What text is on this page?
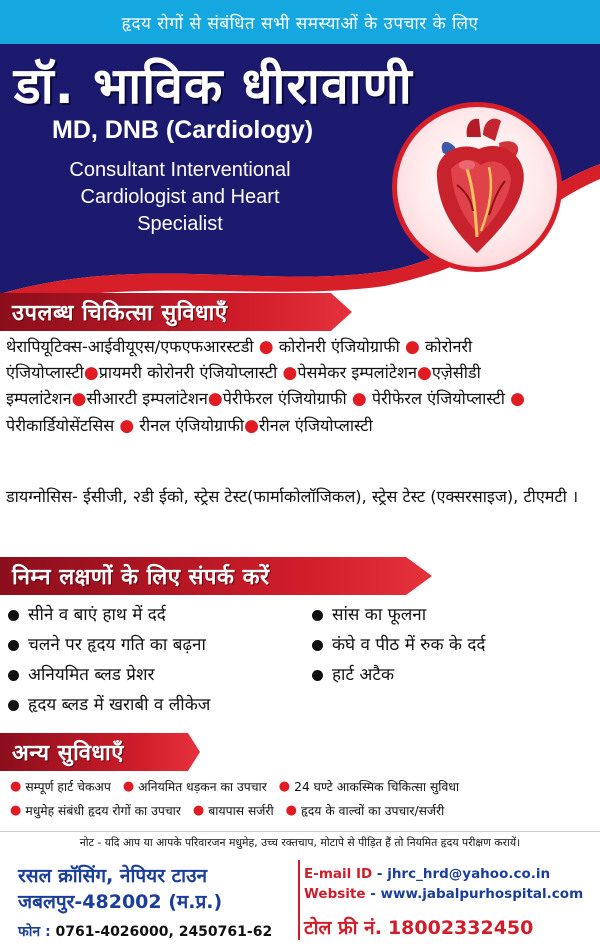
हृदय रोगों से संबंधित सभी समस्याओं के उपचार के लिए
डॉ. भाविक धीरावाणी
MD, DNB (Cardiology)
Consultant Interventional
Cardiologist and Heart
Specialist
उपलब्ध चिकित्सा सुविधाएँ
थेरापियूटिक्स-आईवीयूएस/एफएफआरस्टडी ● कोरोनरी एंजियोग्राफी ● कोरोनरी एंजियोप्लास्टी●प्रायमरी कोरोनरी एंजियोप्लास्टी ●पेसमेकर इम्पलांटेशन●एज़ेसीडी इम्पलांटेशन●सीआरटी इम्पलांटेशन●पेरीफेरल एंजियोग्राफी ● पेरीफेरल एंजियोप्लास्टी ● पेरीकार्डियोसेंटसिस ● रीनल एंजियोग्राफी●रीनल एंजियोप्लास्टी
डायग्नोसिस- ईसीजी, २डी ईको, स्ट्रेस टेस्ट(फार्माकोलॉजिकल), स्ट्रेस टेस्ट (एक्सरसाइज), टीएमटी ।
निम्न लक्षणों के लिए संपर्क करें
सीने व बाएं हाथ में दर्द
चलने पर हृदय गति का बढ़ना
अनियमित ब्लड प्रेशर
हृदय ब्लड में खराबी व लीकेज
सांस का फूलना
कंघे व पीठ में रुक के दर्द
हार्ट अटैक
अन्य सुविधाएँ
● सम्पूर्ण हार्ट चेकअप ● अनियमित धड़कन का उपचार ● 24 घण्टे आकस्मिक चिकित्सा सुविधा
● मधुमेह संबंधी हृदय रोगों का उपचार ● बायपास सर्जरी ● हृदय के वाल्वों का उपचार/सर्जरी
नोट - यदि आप या आपके परिवारजन मधुमेह, उच्च रक्तचाप, मोटापे से पीड़ित हैं तो नियमित हृदय परीक्षण करायें।
रसल क्रॉसिंग, नेपियर टाउन
जबलपुर-482002 (म.प्र.)
फोन : 0761-4026000, 2450761-62
E-mail ID - jhrc_hrd@yahoo.co.in
Website - www.jabalpurhospital.com
टोल फ्री नं. 18002332450
